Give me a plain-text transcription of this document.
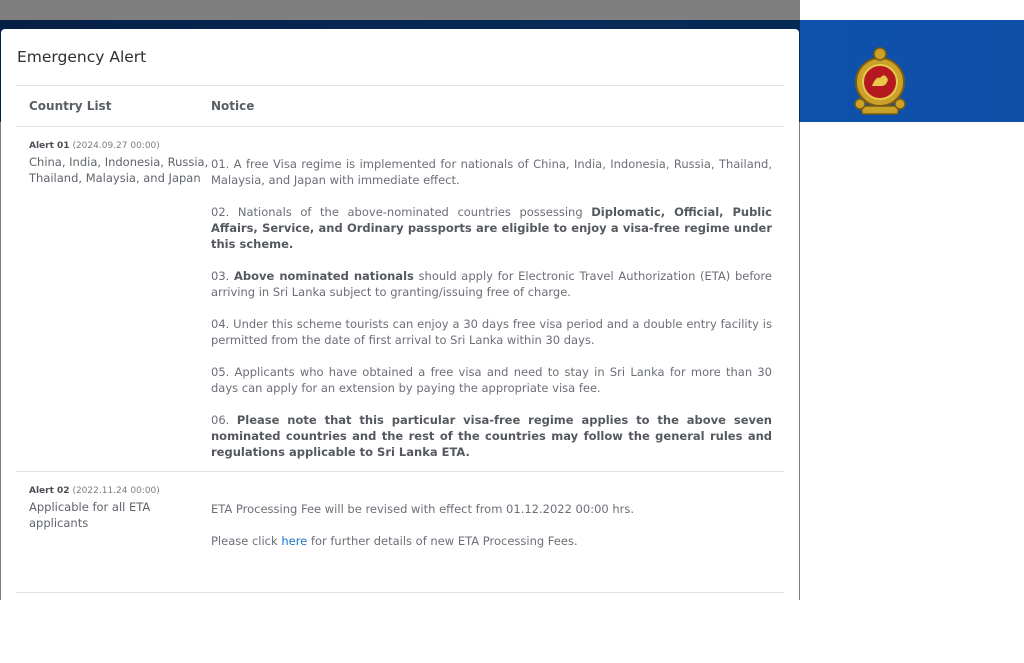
Emergency Alert
Country List	Notice
Alert 01 (2024.09.27 00:00)
China, India, Indonesia, Russia, Thailand, Malaysia, and Japan

01. A free Visa regime is implemented for nationals of China, India, Indonesia, Russia, Thailand, Malaysia, and Japan with immediate effect.

02. Nationals of the above-nominated countries possessing Diplomatic, Official, Public Affairs, Service, and Ordinary passports are eligible to enjoy a visa-free regime under this scheme.

03. Above nominated nationals should apply for Electronic Travel Authorization (ETA) before arriving in Sri Lanka subject to granting/issuing free of charge.

04. Under this scheme tourists can enjoy a 30 days free visa period and a double entry facility is permitted from the date of first arrival to Sri Lanka within 30 days.

05. Applicants who have obtained a free visa and need to stay in Sri Lanka for more than 30 days can apply for an extension by paying the appropriate visa fee.

06. Please note that this particular visa-free regime applies to the above seven nominated countries and the rest of the countries may follow the general rules and regulations applicable to Sri Lanka ETA.

Alert 02 (2022.11.24 00:00)
Applicable for all ETA applicants

ETA Processing Fee will be revised with effect from 01.12.2022 00:00 hrs.

Please click here for further details of new ETA Processing Fees.
